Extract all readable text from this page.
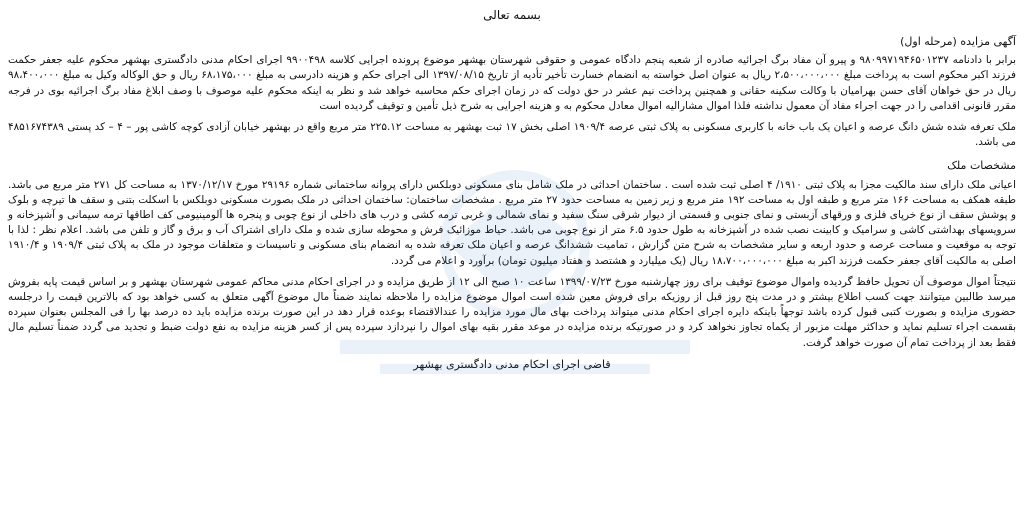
بسمه تعالی
آگهی مزایده (مرحله اول)

برابر با دادنامه ۹۸۰۹۹۷۱۹۴۶۵۰۱۲۳۷ و پیرو آن مفاد برگ اجرائیه صادره از شعبه پنجم دادگاه عمومی و حقوقی شهرستان بهشهر موضوع پرونده اجرایی کلاسه ۹۹۰۰۴۹۸ اجرای احکام مدنی دادگستری بهشهر محکوم علیه جعفر حکمت فرزند اکبر محکوم است به پرداخت مبلغ ۲،۵۰۰،۰۰۰،۰۰۰ ریال به عنوان اصل خواسته به انضمام خسارت تأخیر تأدیه از تاریخ ۱۳۹۷/۰۸/۱۵ الی اجرای حکم و هزینه دادرسی به مبلغ ۶۸،۱۷۵،۰۰۰ ریال و حق الوکاله وکیل به مبلغ ۹۸،۴۰۰،۰۰۰ ریال در حق خواهان آقای حسن بهرامیان با وکالت سکینه حقانی و همچنین پرداخت نیم عشر در حق دولت که در زمان اجرای حکم محاسبه خواهد شد و نظر به اینکه محکوم علیه موصوف با وصف ابلاغ مفاد برگ اجرائیه بوی در فرجه مقرر قانونی اقدامی را در جهت اجراء مفاد آن معمول نداشته فلذا اموال مشارالیه اموال معادل محکوم به و هزینه اجرایی به شرح ذیل تأمین و توقیف گردیده است

ملک تعرفه شده شش دانگ عرصه و اعیان یک باب خانه با کاربری مسکونی به پلاک ثبتی عرصه ۱۹۰۹/۴ اصلی بخش ۱۷ ثبت بهشهر به مساحت ۲۲۵.۱۲ متر مربع واقع در بهشهر خیابان آزادی کوچه کاشی پور – ۴ – کد پستی ۴۸۵۱۶۷۴۳۸۹ می باشد.

مشخصات ملک

اعیانی ملک دارای سند مالکیت مجزا به پلاک ثبتی ۱۹۱۰/ ۴ اصلی ثبت شده است . ساختمان احداثی در ملک شامل بنای مسکونی دوبلکس دارای پروانه ساختمانی شماره ۲۹۱۹۶ مورخ ۱۳۷۰/۱۲/۱۷ به مساحت کل ۲۷۱ متر مربع می باشد. طبقه همکف به مساحت ۱۶۶ متر مربع و طبقه اول به مساحت ۱۹۲ متر مربع و زیر زمین به مساحت حدود ۲۷ متر مربع . مشخصات ساختمان: ساختمان احداثی در ملک بصورت مسکونی دوبلکس با اسکلت بتنی و سقف ها تیرچه و بلوک و پوشش سقف از نوع خرپای فلزی و ورقهای آزبستی و نمای جنوبی و قسمتی از دیوار شرقی سنگ سفید و نمای شمالی و غربی ترمه کشی و درب های داخلی از نوع چوبی و پنجره ها آلومینیومی کف اطاقها ترمه سیمانی و آشپزخانه و سرویسهای بهداشتی کاشی و سرامیک و کابینت نصب شده در آشپزخانه به طول حدود ۶.۵ متر از نوع چوبی می باشد. حیاط موزائیک فرش و محوطه سازی شده و ملک دارای اشتراک آب و برق و گاز و تلفن می باشد. اعلام نظر : لذا با توجه به موقعیت و مساحت عرصه و حدود اربعه و سایر مشخصات به شرح متن گزارش ، تمامیت ششدانگ عرصه و اعیان ملک تعرفه شده به انضمام بنای مسکونی و تاسیسات و متعلقات موجود در ملک به پلاک ثبتی ۱۹۰۹/۴ و ۱۹۱۰/۴ اصلی به مالکیت آقای جعفر حکمت فرزند اکبر به مبلغ ۱۸،۷۰۰،۰۰۰،۰۰۰ ریال (یک میلیارد و هشتصد و هفتاد میلیون تومان) برآورد و اعلام می گردد.

نتیجتاً اموال موصوف آن تحویل حافظ گردیده واموال موضوع توقیف برای روز چهارشنبه مورخ ۱۳۹۹/۰۷/۲۳ ساعت ۱۰ صبح الی ۱۲ از طریق مزایده و در اجرای احکام مدنی محاکم عمومی شهرستان بهشهر و بر اساس قیمت پایه بفروش میرسد طالبین میتوانند جهت کسب اطلاع بیشتر و در مدت پنج روز قبل از روزیکه برای فروش معین شده است اموال موضوع مزایده را ملاحظه نمایند ضمناً مال موضوع آگهی متعلق به کسی خواهد بود که بالاترین قیمت را درجلسه حضوری مزایده و بصورت کتبی قبول کرده باشد توجهاً باینکه دایره اجرای احکام مدنی میتواند پرداخت بهای مال مورد مزایده را عندالاقتضاء بوعده قرار دهد در این صورت برنده مزایده باید ده درصد بها را فی المجلس بعنوان سپرده بقسمت اجراء تسلیم نماید و حداکثر مهلت مزبور از یکماه تجاوز نخواهد کرد و در صورتیکه برنده مزایده در موعد مقرر بقیه بهای اموال را نپردازد سپرده پس از کسر هزینه مزایده به نفع دولت ضبط و تجدید می گردد ضمناً تسلیم مال فقط بعد از پرداخت تمام آن صورت خواهد گرفت.

قاضی اجرای احکام مدنی دادگستری بهشهر
